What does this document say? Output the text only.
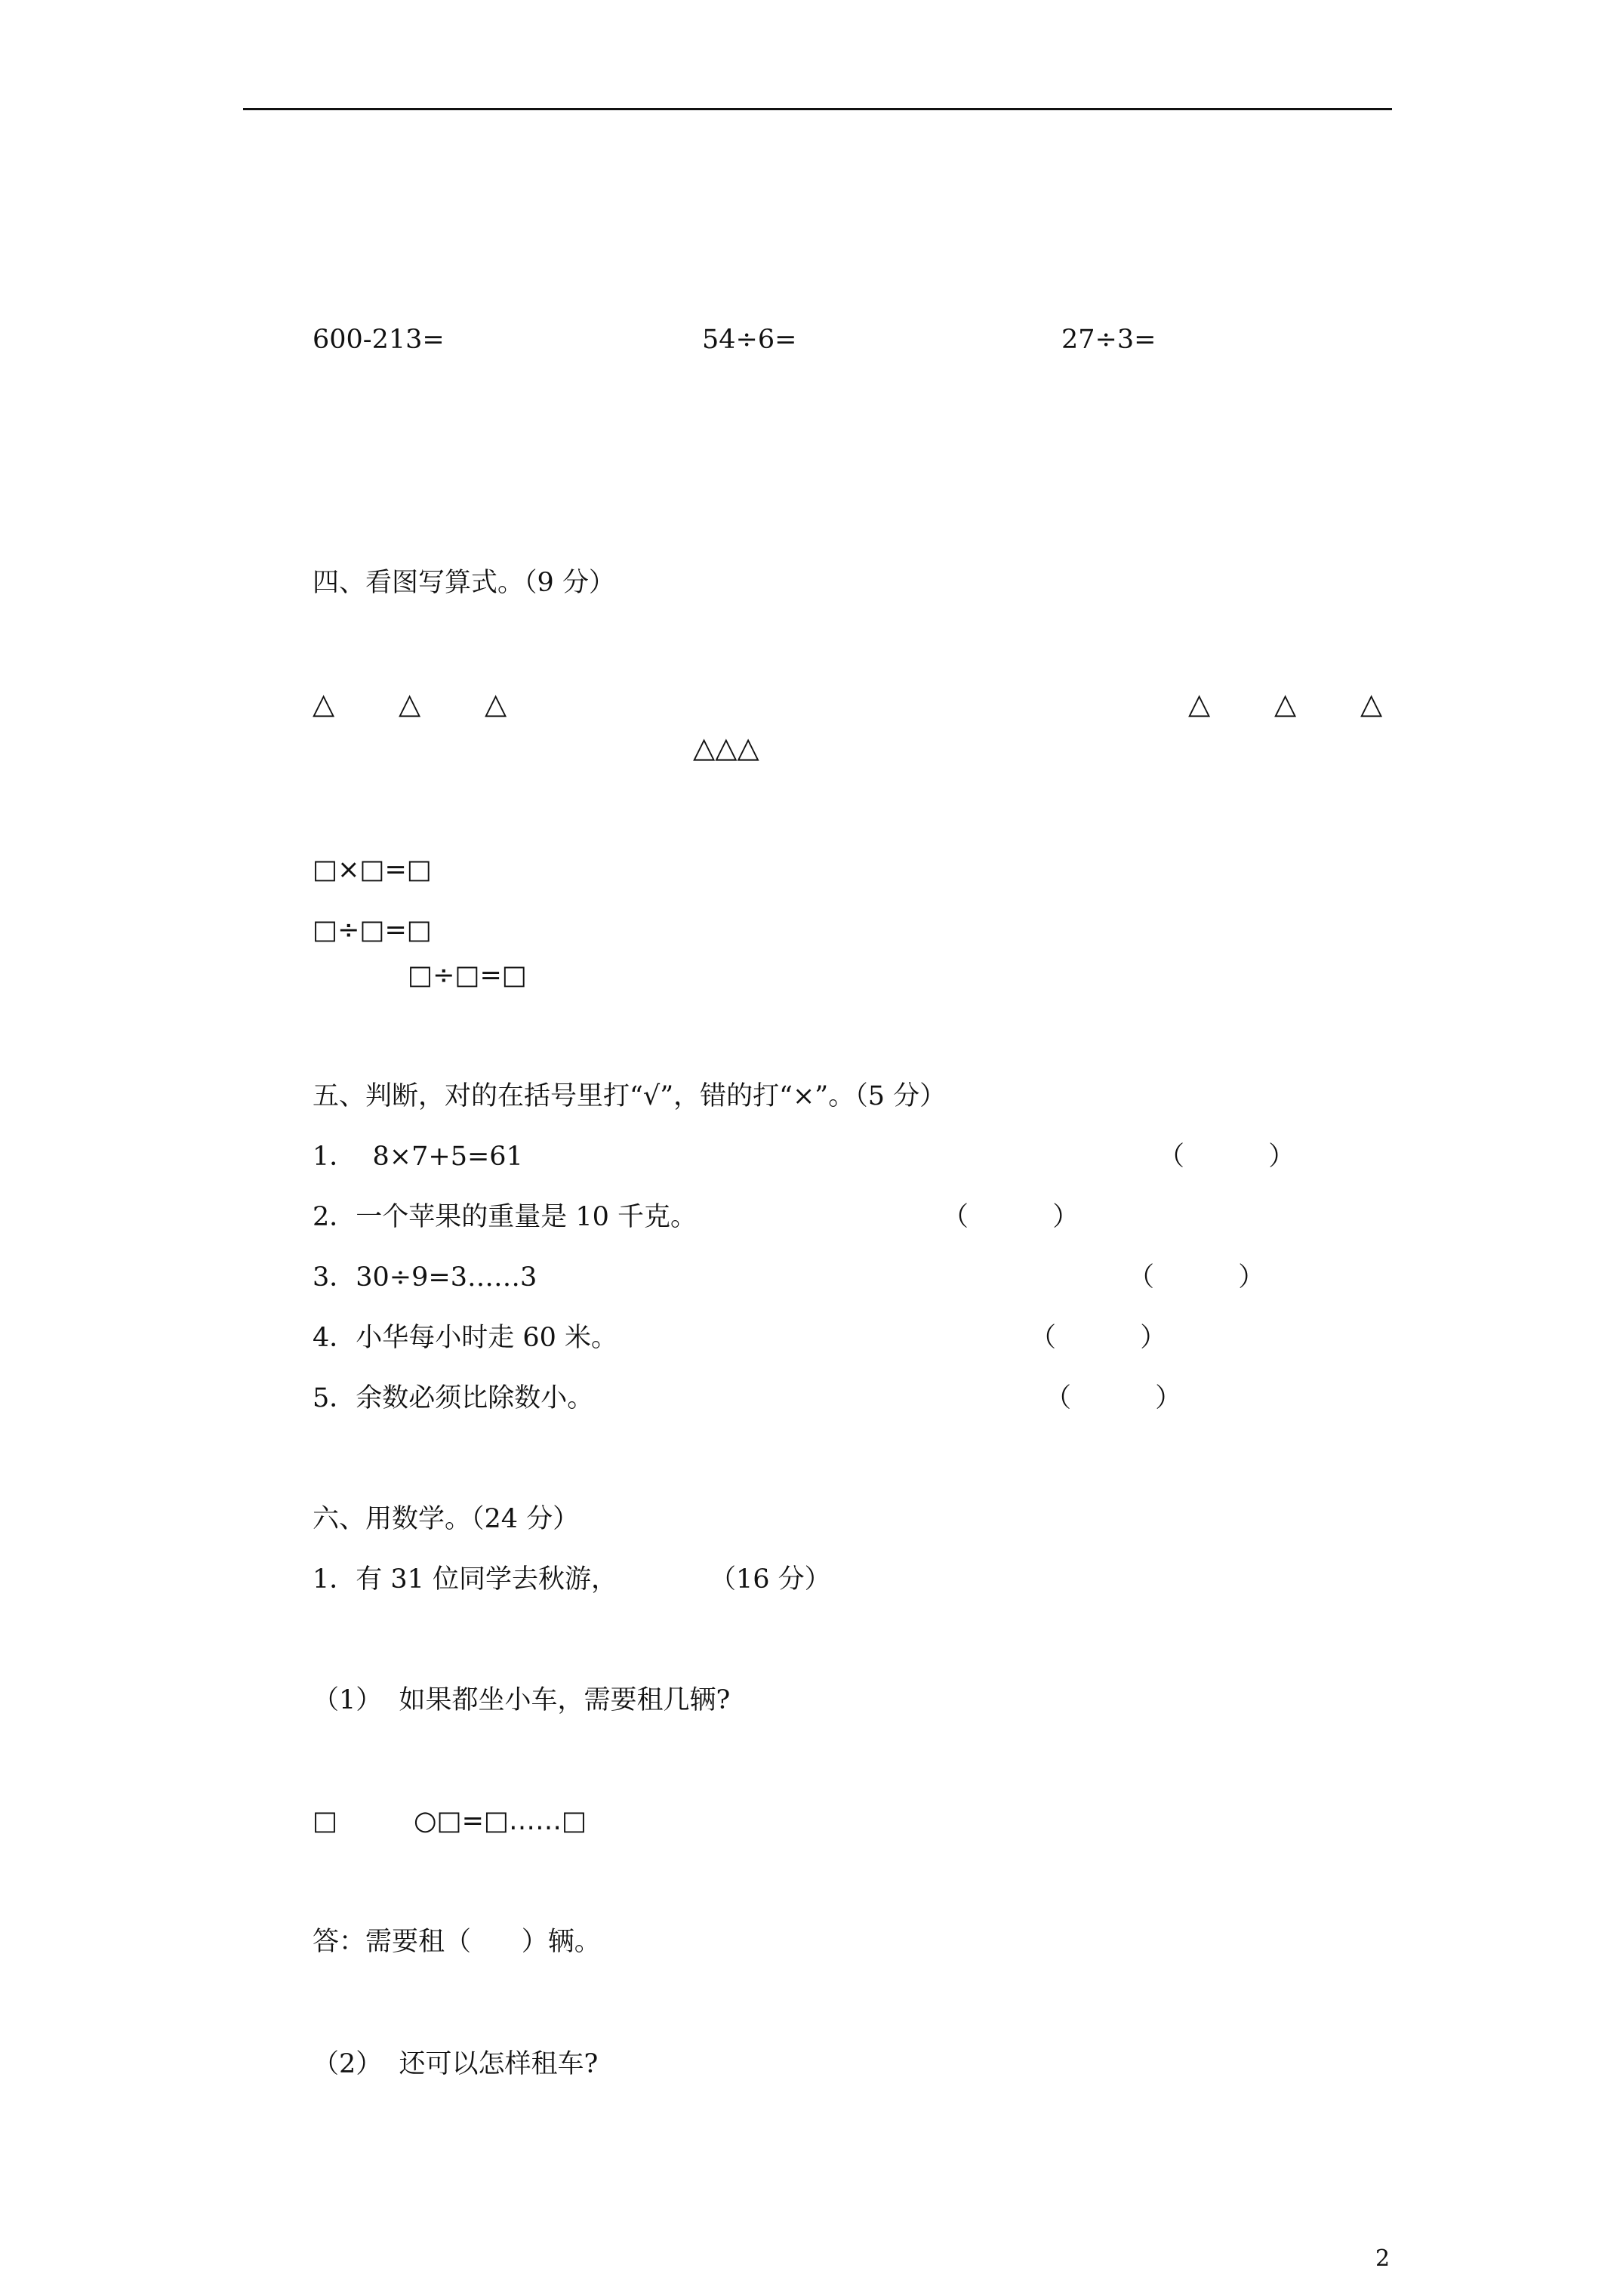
600-213=	54÷6=	27÷3=
四、看图写算式。（9 分）
△ △ △	△ △ △
△△△
□×□=□
□÷□=□
□÷□=□
五、判断，对的在括号里打“√”，错的打“×”。（5 分）
1．  8×7+5=61	（          ）
2．一个苹果的重量是 10 千克。	（          ）
3．30÷9=3……3	（          ）
4．小华每小时走 60 米。	（          ）
5．余数必须比除数小。	（          ）
六、用数学。（24 分）
1．有 31 位同学去秋游，	（16 分）
（1）  如果都坐小车，需要租几辆?
□	○□=□……□
答：需要租（      ）辆。
（2）  还可以怎样租车?
2
